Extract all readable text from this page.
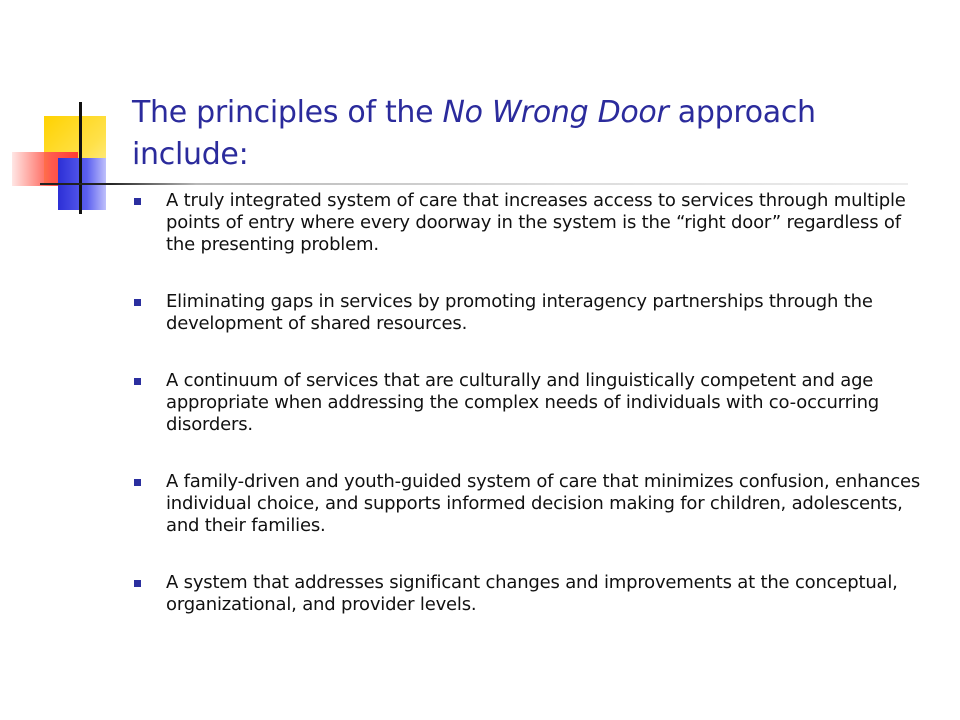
The principles of the No Wrong Door approach include:
A truly integrated system of care that increases access to services through multiple points of entry where every doorway in the system is the “right door” regardless of the presenting problem.
Eliminating gaps in services by promoting interagency partnerships through the development of shared resources.
A continuum of services that are culturally and linguistically competent and age appropriate when addressing the complex needs of individuals with co-occurring disorders.
A family-driven and youth-guided system of care that minimizes confusion, enhances individual choice, and supports informed decision making for children, adolescents, and their families.
A system that addresses significant changes and improvements at the conceptual, organizational, and provider levels.
